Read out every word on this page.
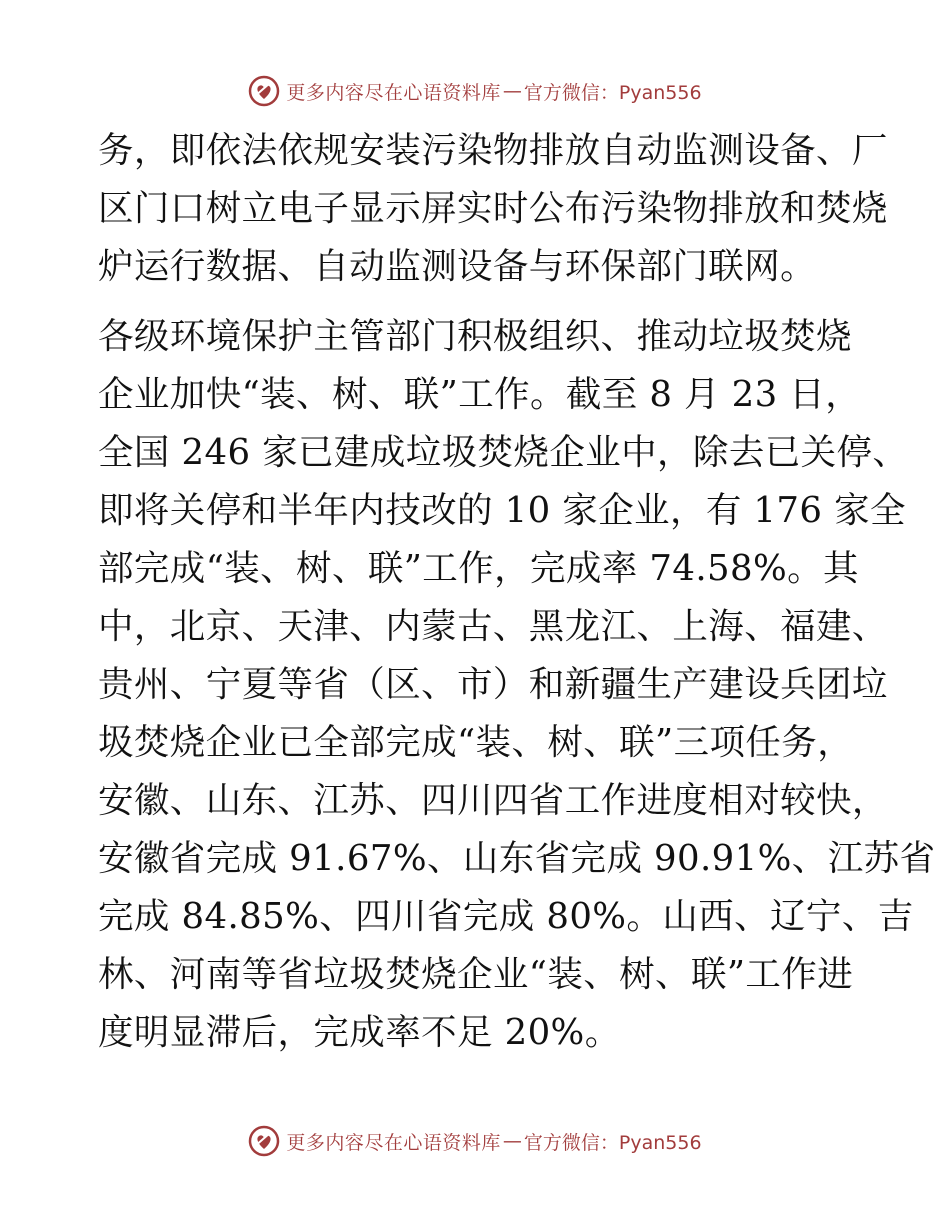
更多内容尽在心语资料库 — 官方微信：Pyan556
务，即依法依规安装污染物排放自动监测设备、厂
区门口树立电子显示屏实时公布污染物排放和焚烧
炉运行数据、自动监测设备与环保部门联网。
各级环境保护主管部门积极组织、推动垃圾焚烧
企业加快“装、树、联”工作。截至 8 月 23 日，
全国 246 家已建成垃圾焚烧企业中，除去已关停、
即将关停和半年内技改的 10 家企业，有 176 家全
部完成“装、树、联”工作，完成率 74.58%。其
中，北京、天津、内蒙古、黑龙江、上海、福建、
贵州、宁夏等省（区、市）和新疆生产建设兵团垃
圾焚烧企业已全部完成“装、树、联”三项任务，
安徽、山东、江苏、四川四省工作进度相对较快，
安徽省完成 91.67%、山东省完成 90.91%、江苏省
完成 84.85%、四川省完成 80%。山西、辽宁、吉
林、河南等省垃圾焚烧企业“装、树、联”工作进
度明显滞后，完成率不足 20%。
更多内容尽在心语资料库 — 官方微信：Pyan556
